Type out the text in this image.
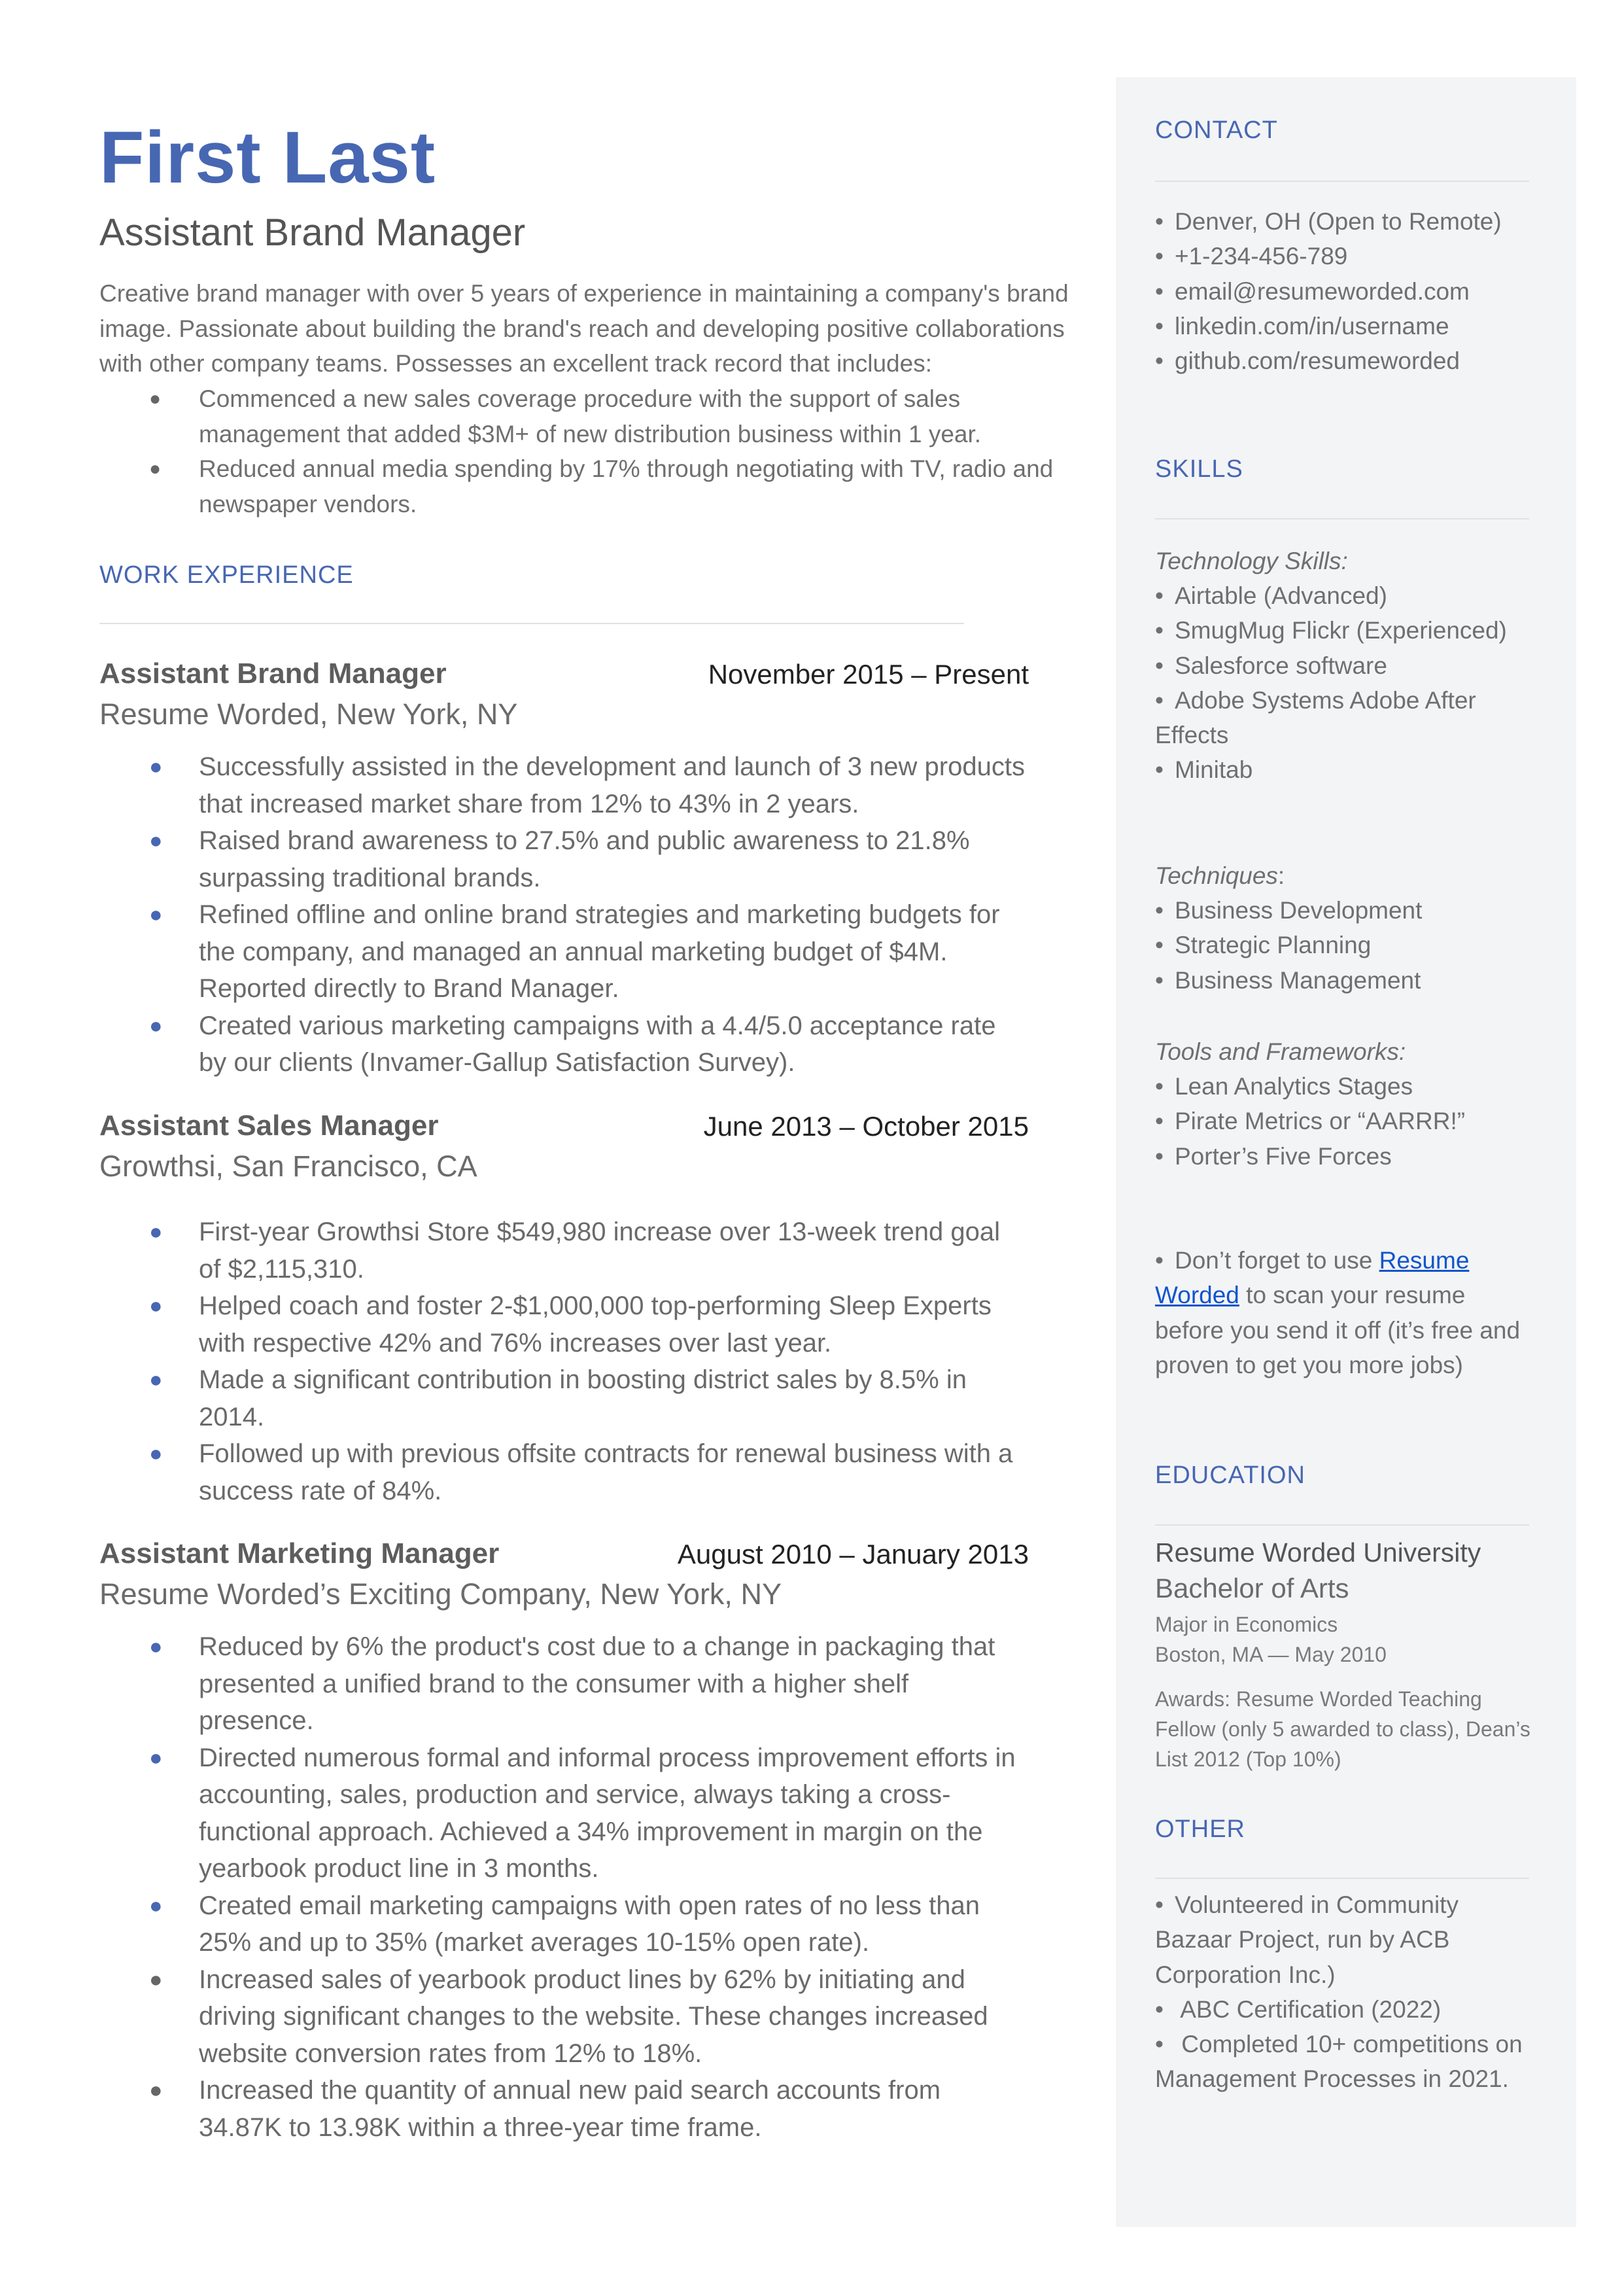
First Last
Assistant Brand Manager
Creative brand manager with over 5 years of experience in maintaining a company's brand image. Passionate about building the brand's reach and developing positive collaborations with other company teams. Possesses an excellent track record that includes:
● Commenced a new sales coverage procedure with the support of sales management that added $3M+ of new distribution business within 1 year.
● Reduced annual media spending by 17% through negotiating with TV, radio and newspaper vendors.
WORK EXPERIENCE
Assistant Brand Manager	November 2015 – Present
Resume Worded, New York, NY
● Successfully assisted in the development and launch of 3 new products that increased market share from 12% to 43% in 2 years.
● Raised brand awareness to 27.5% and public awareness to 21.8% surpassing traditional brands.
● Refined offline and online brand strategies and marketing budgets for the company, and managed an annual marketing budget of $4M. Reported directly to Brand Manager.
● Created various marketing campaigns with a 4.4/5.0 acceptance rate by our clients (Invamer-Gallup Satisfaction Survey).
Assistant Sales Manager	June 2013 – October 2015
Growthsi, San Francisco, CA
● First-year Growthsi Store $549,980 increase over 13-week trend goal of $2,115,310.
● Helped coach and foster 2-$1,000,000 top-performing Sleep Experts with respective 42% and 76% increases over last year.
● Made a significant contribution in boosting district sales by 8.5% in 2014.
● Followed up with previous offsite contracts for renewal business with a success rate of 84%.
Assistant Marketing Manager	August 2010 – January 2013
Resume Worded’s Exciting Company, New York, NY
● Reduced by 6% the product's cost due to a change in packaging that presented a unified brand to the consumer with a higher shelf presence.
● Directed numerous formal and informal process improvement efforts in accounting, sales, production and service, always taking a cross-functional approach. Achieved a 34% improvement in margin on the yearbook product line in 3 months.
● Created email marketing campaigns with open rates of no less than 25% and up to 35% (market averages 10-15% open rate).
● Increased sales of yearbook product lines by 62% by initiating and driving significant changes to the website. These changes increased website conversion rates from 12% to 18%.
● Increased the quantity of annual new paid search accounts from 34.87K to 13.98K within a three-year time frame.
CONTACT
• Denver, OH (Open to Remote)
• +1-234-456-789
• email@resumeworded.com
• linkedin.com/in/username
• github.com/resumeworded
SKILLS
Technology Skills:
• Airtable (Advanced)
• SmugMug Flickr (Experienced)
• Salesforce software
• Adobe Systems Adobe After Effects
• Minitab
Techniques:
• Business Development
• Strategic Planning
• Business Management
Tools and Frameworks:
• Lean Analytics Stages
• Pirate Metrics or “AARRR!”
• Porter’s Five Forces
• Don’t forget to use Resume Worded to scan your resume before you send it off (it’s free and proven to get you more jobs)
EDUCATION
Resume Worded University
Bachelor of Arts
Major in Economics
Boston, MA — May 2010
Awards: Resume Worded Teaching Fellow (only 5 awarded to class), Dean’s List 2012 (Top 10%)
OTHER
• Volunteered in Community Bazaar Project, run by ACB Corporation Inc.)
• ABC Certification (2022)
• Completed 10+ competitions on Management Processes in 2021.
